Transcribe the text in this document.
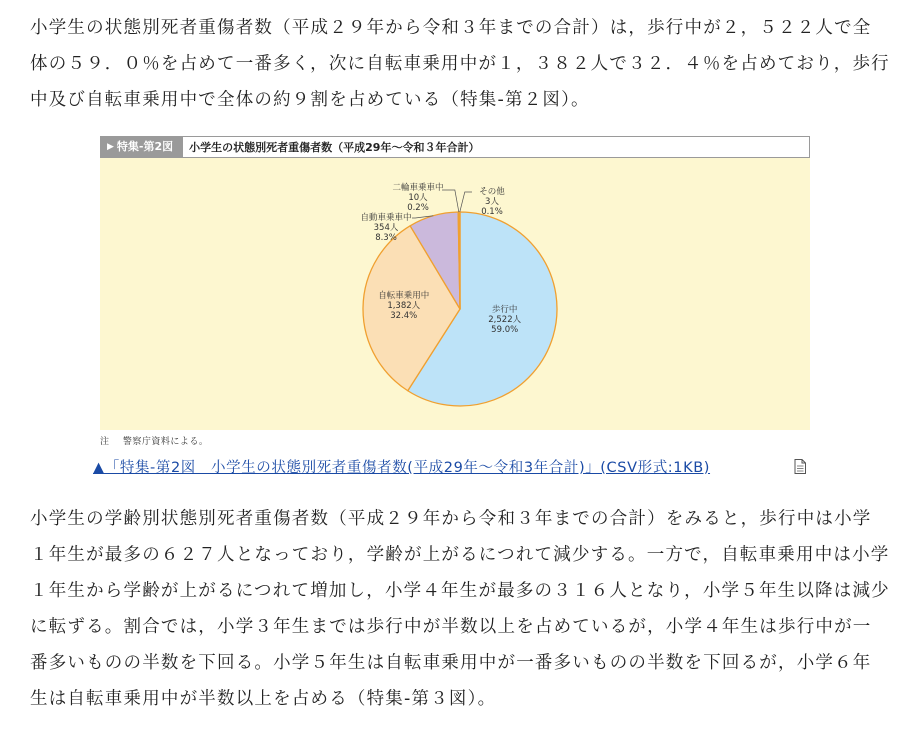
小学生の状態別死者重傷者数（平成２９年から令和３年までの合計）は，歩行中が２，５２２人で全体の５９．０％を占めて一番多く，次に自転車乗用中が１，３８２人で３２．４％を占めており，歩行中及び自転車乗用中で全体の約９割を占めている（特集-第２図）。

歩行中
2,522人
59.0%
自転車乗用中
1,382人
32.4%
自動車乗車中
354人
8.3%
二輪車乗車中
10人
0.2%
その他
3人
0.1%
▶ 特集-第2図	小学生の状態別死者重傷者数（平成29年～令和３年合計）
注 警察庁資料による。
▲「特集-第2図　小学生の状態別死者重傷者数(平成29年～令和3年合計)」(CSV形式:1KB)

小学生の学齢別状態別死者重傷者数（平成２９年から令和３年までの合計）をみると，歩行中は小学１年生が最多の６２７人となっており，学齢が上がるにつれて減少する。一方で，自転車乗用中は小学１年生から学齢が上がるにつれて増加し，小学４年生が最多の３１６人となり，小学５年生以降は減少に転ずる。割合では，小学３年生までは歩行中が半数以上を占めているが，小学４年生は歩行中が一番多いものの半数を下回る。小学５年生は自転車乗用中が一番多いものの半数を下回るが，小学６年生は自転車乗用中が半数以上を占める（特集-第３図）。
